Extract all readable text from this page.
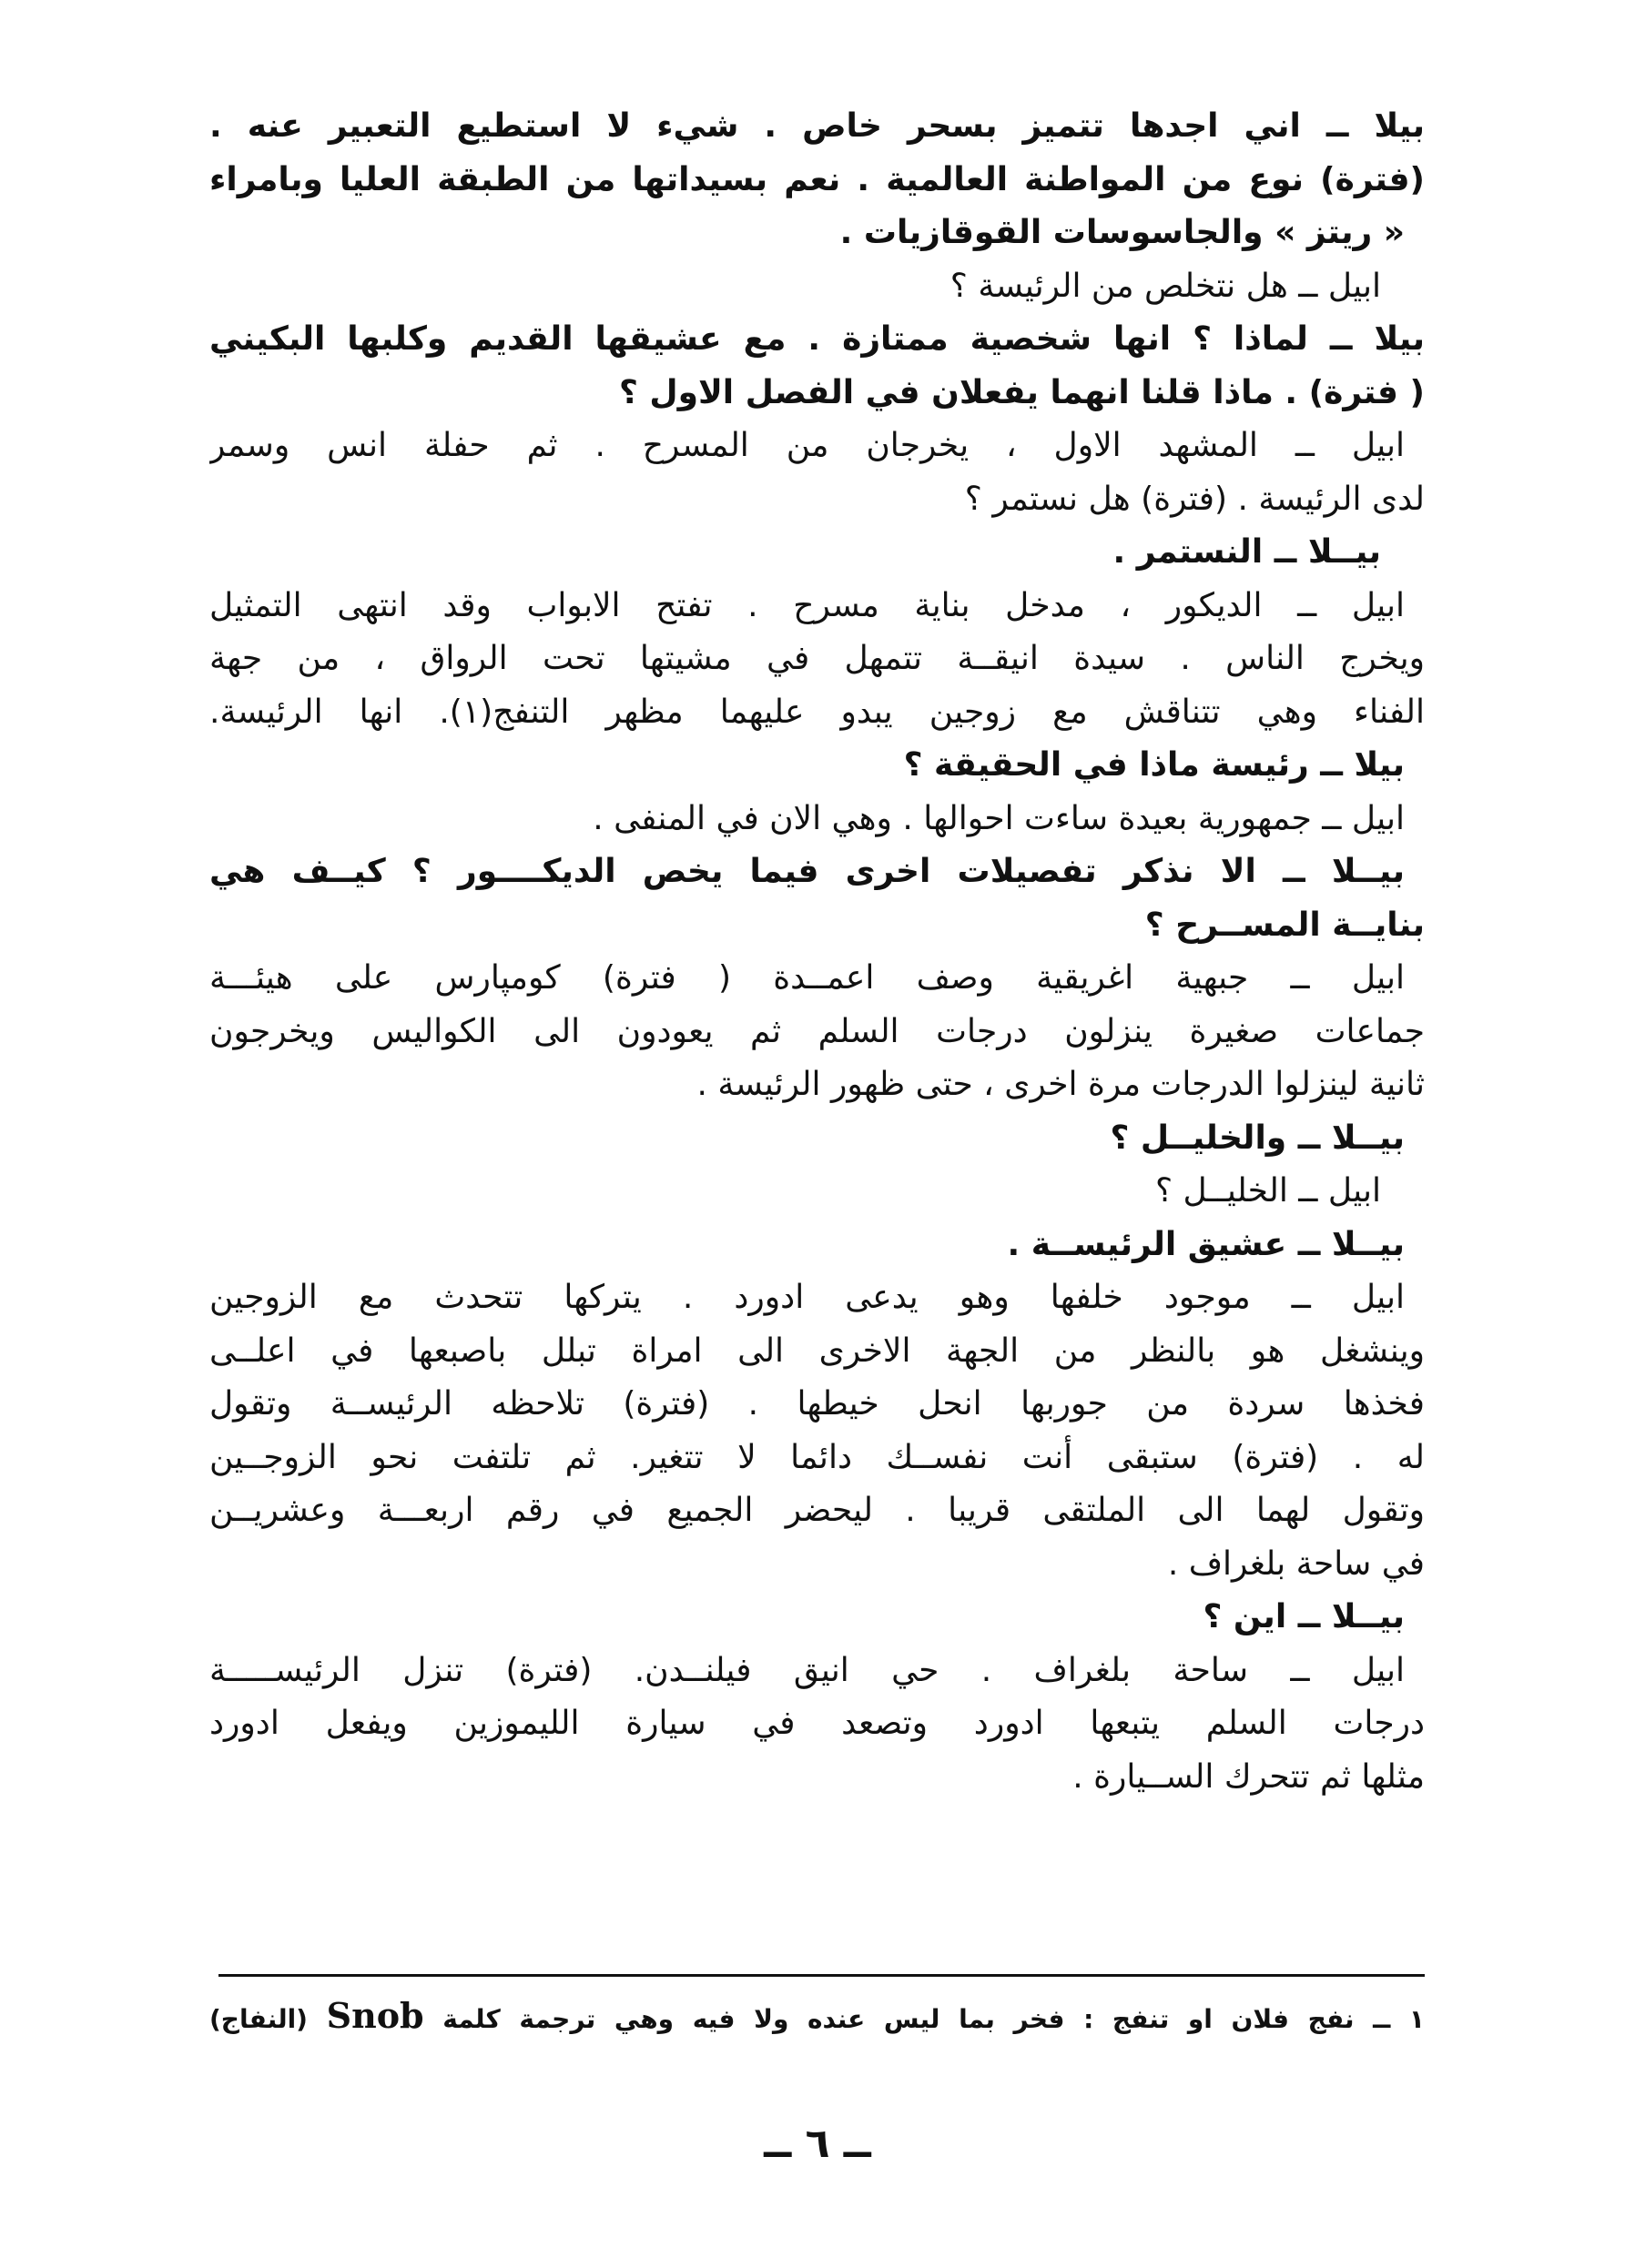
بيلا ــ اني اجدها تتميز بسحر خاص . شيء لا استطيع التعبير عنه .
(فترة) نوع من المواطنة العالمية . نعم بسيداتها من الطبقة العليا وبامراء
« ريتز » والجاسوسات القوقازيات .
ابيل ــ هل نتخلص من الرئيسة ؟
بيلا ــ لماذا ؟ انها شخصية ممتازة . مع عشيقها القديم وكلبها البكيني
( فترة) . ماذا قلنا انهما يفعلان في الفصل الاول ؟
ابيل ــ المشهد الاول ، يخرجان من المسرح . ثم حفلة انس وسمر
لدى الرئيسة . (فترة) هل نستمر ؟
بيــلا ــ النستمر .
ابيل ــ الديكور ، مدخل بناية مسرح . تفتح الابواب وقد انتهى التمثيل
ويخرج الناس . سيدة انيقــة تتمهل في مشيتها تحت الرواق ، من جهة
الفناء وهي تتناقش مع زوجين يبدو عليهما مظهر التنفج(١). انها الرئيسة.
بيلا ــ رئيسة ماذا في الحقيقة ؟
ابيل ــ جمهورية بعيدة ساءت احوالها . وهي الان في المنفى .
بيــلا ــ الا نذكر تفصيلات اخرى فيما يخص الديكــــور ؟ كيــف هي
بنايــة المســرح ؟
ابيل ــ جبهية اغريقية وصف اعمــدة ( فترة) كومپارس على هيئـــة
جماعات صغيرة ينزلون درجات السلم ثم يعودون الى الكواليس ويخرجون
ثانية لينزلوا الدرجات مرة اخرى ، حتى ظهور الرئيسة .
بيــلا ــ والخليــل ؟
ابيل ــ الخليــل ؟
بيــلا ــ عشيق الرئيســة .
ابيل ــ موجود خلفها وهو يدعى ادورد . يتركها تتحدث مع الزوجين
وينشغل هو بالنظر من الجهة الاخرى الى امراة تبلل باصبعها في اعلــى
فخذها سردة من جوربها انحل خيطها . (فترة) تلاحظه الرئيســة وتقول
له . (فترة) ستبقى أنت نفســك دائما لا تتغير. ثم تلتفت نحو الزوجــين
وتقول لهما الى الملتقى قريبا . ليحضر الجميع في رقم اربعـــة وعشريــن
في ساحة بلغراف .
بيــلا ــ اين ؟
ابيل ــ ساحة بلغراف . حي انيق فيلنــدن. (فترة) تنزل الرئيســـــة
درجات السلم يتبعها ادورد وتصعد في سيارة الليموزين ويفعل ادورد
مثلها ثم تتحرك الســيارة .
١ ــ نفج فلان او تنفج : فخر بما ليس عنده ولا فيه وهي ترجمة كلمة Snob (النفاج)
ــ ٦ ــ
